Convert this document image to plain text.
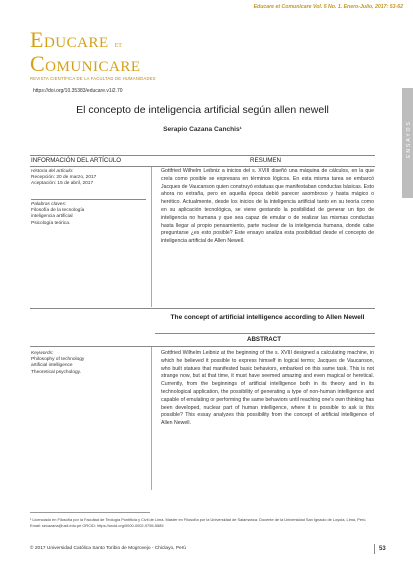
Educare et Comunicare Vol. 5 No. 1. Enero-Julio, 2017: 53-62
Educare et
Comunicare
REVISTA CIENTÍFICA DE LA FACULTAD DE HUMANIDADES
https://doi.org/10.35383/educare.v1i2.70
ENSAYOS
El concepto de inteligencia artificial según allen newell
Serapio Cazana Canchis¹
INFORMACIÓN DEL ARTÍCULO	RESUMEN
Historia del artículo:
Recepción: 20 de marzo, 2017
Aceptación: 15 de abril, 2017
Palabras claves:
Filosofía de la tecnología
inteligencia artificial
Psicología teórica.
Gottfried Wilhelm Leibniz a inicios del s. XVIII diseñó una máquina de cálculos, en la que creía como posible se expresara en términos lógicos. En esta misma tarea se embarcó Jacques de Vaucanson quien construyó estatuas que manifestaban conductas básicas. Esto ahora no extraña, pero en aquella época debió parecer asombroso y hasta mágico o herético. Actualmente, desde los inicios de la inteligencia artificial tanto en su teoría como en su aplicación tecnológica, se viene gestando la posibilidad de generar un tipo de inteligencia no humana y que sea capaz de emular o de realizar las mismas conductas hasta llegar al propio pensamiento, parte nuclear de la inteligencia humana, donde cabe preguntarse ¿es esto posible? Este ensayo analiza esta posibilidad desde el concepto de inteligencia artificial de Allen Newell.
The concept of artificial intelligence according to Allen Newell
ABSTRACT
Keywords:
Philosophy of technology
artificial intelligence
Theoretical psychology.
Gottfried Wilhelm Leibniz at the beginning of the s. XVIII designed a calculating machine, in which he believed it possible to express himself in logical terms; Jacques de Vaucanson, who built statues that manifested basic behaviors, embarked on this same task. This is not strange now, but at that time, it must have seemed amazing and even magical or heretical. Currently, from the beginnings of artificial intelligence both in its theory and in its technological application, the possibility of generating a type of non-human intelligence and capable of emulating or performing the same behaviors until reaching one's own thinking has been developed, nuclear part of human intelligence, where it is possible to ask is this possible? This essay analyzes this possibility from the concept of artificial intelligence of Allen Newell.
¹ Licenciado en Filosofía por la Facultad de Teología Pontificia y Civil de Lima. Master en Filosofía por la Universidad de Salamanca. Docente de la Universidad San Ignacio de Loyola, Lima, Perú. Email: secazana@usil.edu.pe ORCID: https://orcid.org/0000-0002-9755-5585
© 2017 Universidad Católica Santo Toribio de Mogrovejo - Chiclayo, Perú	53
